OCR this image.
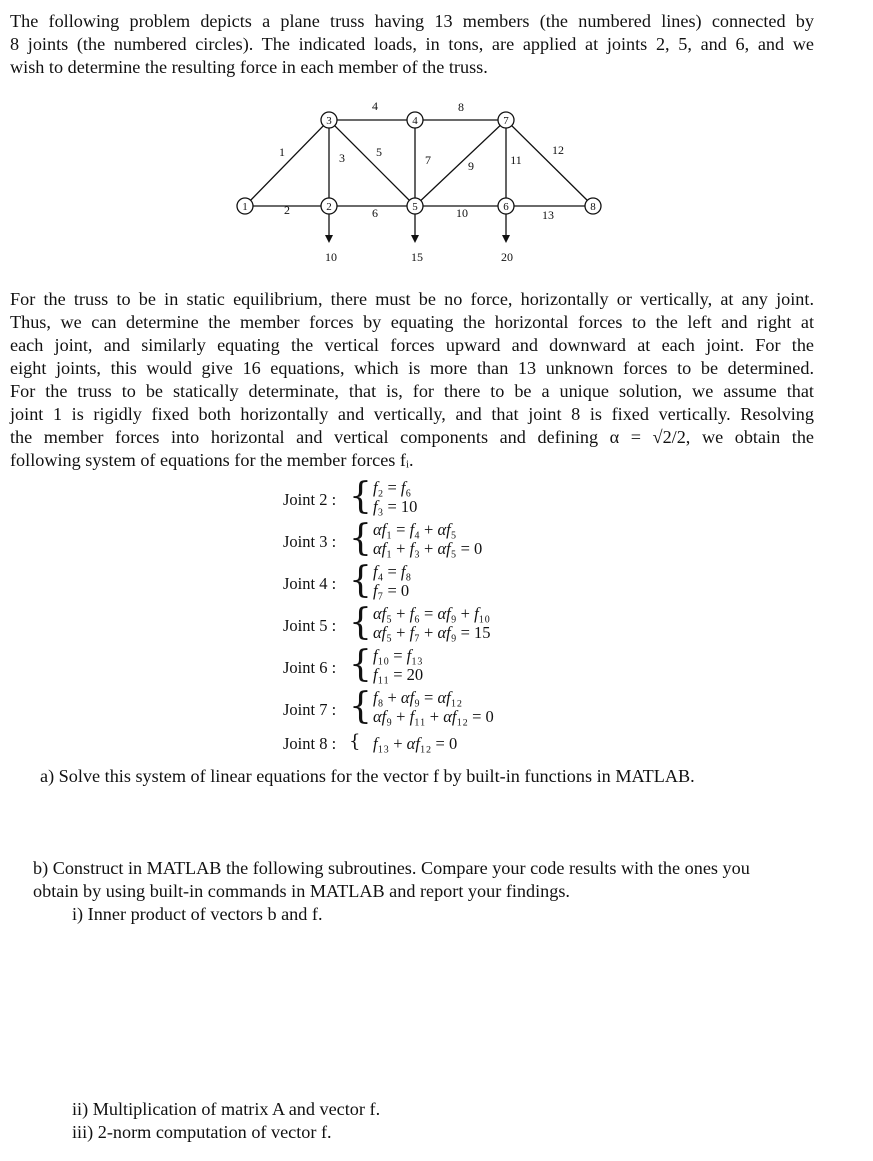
The following problem depicts a plane truss having 13 members (the numbered lines) connected by
8 joints (the numbered circles). The indicated loads, in tons, are applied at joints 2, 5, and 6, and we
wish to determine the resulting force in each member of the truss.
1	2
3	4
5	6
7
8
1
2
3
4
5
6
7
8
9
10
11
12
13
10	15	20
For the truss to be in static equilibrium, there must be no force, horizontally or vertically, at any joint.
Thus, we can determine the member forces by equating the horizontal forces to the left and right at
each joint, and similarly equating the vertical forces upward and downward at each joint. For the
eight joints, this would give 16 equations, which is more than 13 unknown forces to be determined.
For the truss to be statically determinate, that is, for there to be a unique solution, we assume that
joint 1 is rigidly fixed both horizontally and vertically, and that joint 8 is fixed vertically. Resolving
the member forces into horizontal and vertical components and defining α = √2/2, we obtain the
following system of equations for the member forces fᵢ.
Joint 2 : { f₂ = f₆
f₃ = 10
Joint 3 : { αf₁ = f₄ + αf₅
αf₁ + f₃ + αf₅ = 0
Joint 4 : { f₄ = f₈
f₇ = 0
Joint 5 : { αf₅ + f₆ = αf₉ + f₁₀
αf₅ + f₇ + αf₉ = 15
Joint 6 : { f₁₀ = f₁₃
f₁₁ = 20
Joint 7 : { f₈ + αf₉ = αf₁₂
αf₉ + f₁₁ + αf₁₂ = 0
Joint 8 : { f₁₃ + αf₁₂ = 0

a) Solve this system of linear equations for the vector f by built-in functions in MATLAB.

b) Construct in MATLAB the following subroutines. Compare your code results with the ones you
obtain by using built-in commands in MATLAB and report your findings.

i) Inner product of vectors b and f.

ii) Multiplication of matrix A and vector f.

iii) 2-norm computation of vector f.
